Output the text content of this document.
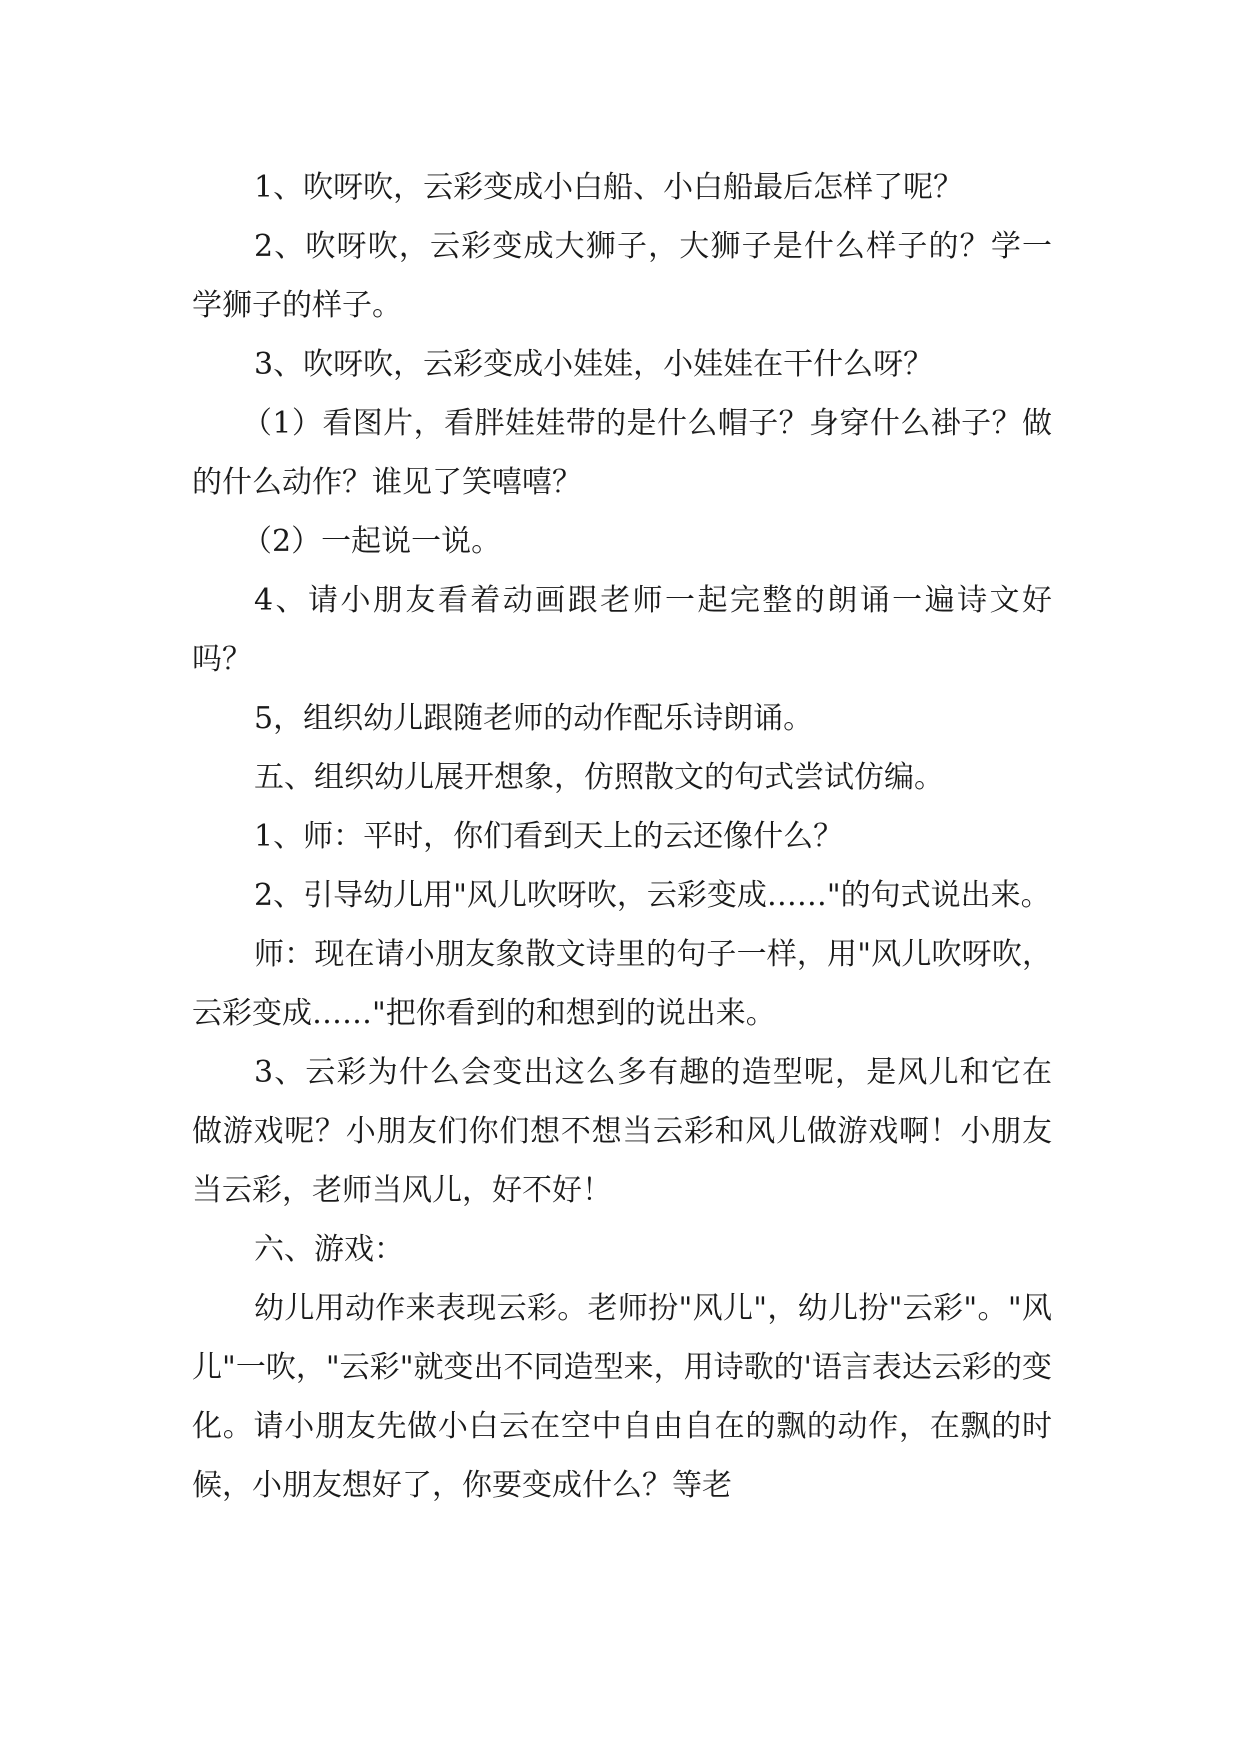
1、吹呀吹，云彩变成小白船、小白船最后怎样了呢？

2、吹呀吹，云彩变成大狮子，大狮子是什么样子的？学一学狮子的样子。

3、吹呀吹，云彩变成小娃娃，小娃娃在干什么呀？

（1）看图片，看胖娃娃带的是什么帽子？身穿什么褂子？做的什么动作？谁见了笑嘻嘻？

（2）一起说一说。

4、请小朋友看着动画跟老师一起完整的朗诵一遍诗文好吗？

5，组织幼儿跟随老师的动作配乐诗朗诵。

五、组织幼儿展开想象，仿照散文的句式尝试仿编。

1、师：平时，你们看到天上的云还像什么？

2、引导幼儿用"风儿吹呀吹，云彩变成……"的句式说出来。

师：现在请小朋友象散文诗里的句子一样，用"风儿吹呀吹，云彩变成……"把你看到的和想到的说出来。

3、云彩为什么会变出这么多有趣的造型呢，是风儿和它在做游戏呢？小朋友们你们想不想当云彩和风儿做游戏啊！小朋友当云彩，老师当风儿，好不好！

六、游戏：

幼儿用动作来表现云彩。老师扮"风儿"，幼儿扮"云彩"。"风儿"一吹，"云彩"就变出不同造型来，用诗歌的'语言表达云彩的变化。请小朋友先做小白云在空中自由自在的飘的动作，在飘的时候，小朋友想好了，你要变成什么？等老
